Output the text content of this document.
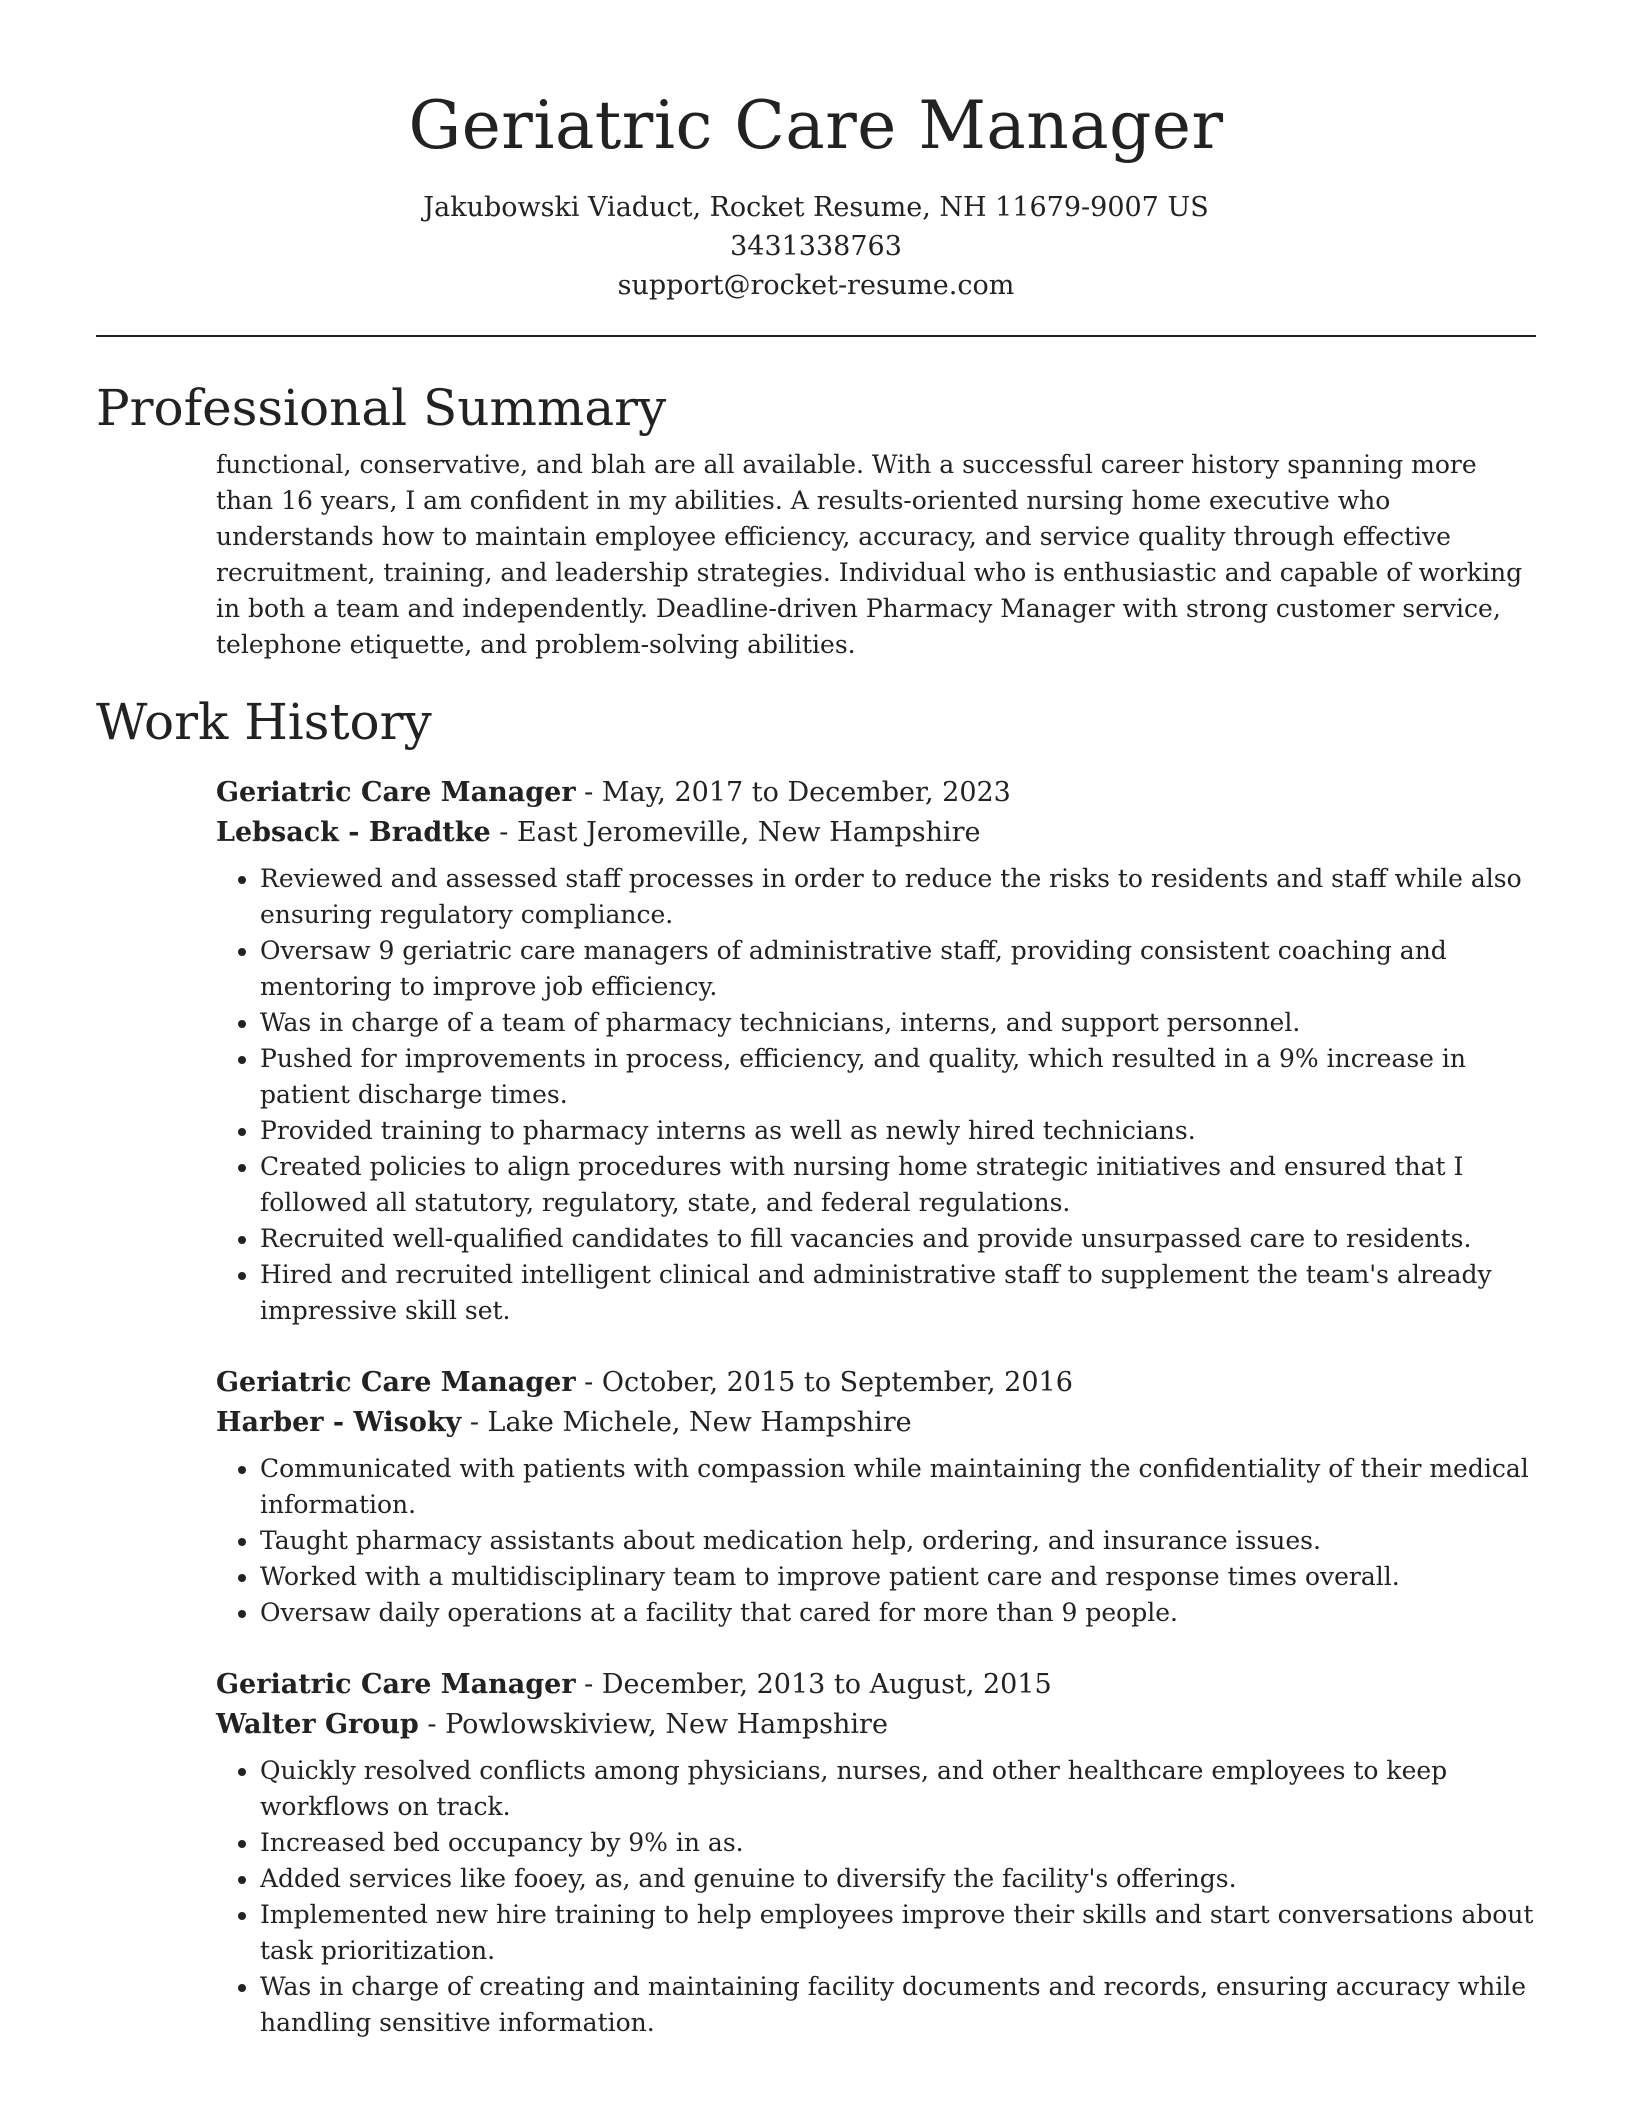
Geriatric Care Manager
Jakubowski Viaduct, Rocket Resume, NH 11679-9007 US
3431338763
support@rocket-resume.com
Professional Summary
functional, conservative, and blah are all available. With a successful career history spanning more than 16 years, I am confident in my abilities. A results-oriented nursing home executive who understands how to maintain employee efficiency, accuracy, and service quality through effective recruitment, training, and leadership strategies. Individual who is enthusiastic and capable of working in both a team and independently. Deadline-driven Pharmacy Manager with strong customer service, telephone etiquette, and problem-solving abilities.
Work History
Geriatric Care Manager - May, 2017 to December, 2023
Lebsack - Bradtke - East Jeromeville, New Hampshire
• Reviewed and assessed staff processes in order to reduce the risks to residents and staff while also ensuring regulatory compliance.
• Oversaw 9 geriatric care managers of administrative staff, providing consistent coaching and mentoring to improve job efficiency.
• Was in charge of a team of pharmacy technicians, interns, and support personnel.
• Pushed for improvements in process, efficiency, and quality, which resulted in a 9% increase in patient discharge times.
• Provided training to pharmacy interns as well as newly hired technicians.
• Created policies to align procedures with nursing home strategic initiatives and ensured that I followed all statutory, regulatory, state, and federal regulations.
• Recruited well-qualified candidates to fill vacancies and provide unsurpassed care to residents.
• Hired and recruited intelligent clinical and administrative staff to supplement the team's already impressive skill set.
Geriatric Care Manager - October, 2015 to September, 2016
Harber - Wisoky - Lake Michele, New Hampshire
• Communicated with patients with compassion while maintaining the confidentiality of their medical information.
• Taught pharmacy assistants about medication help, ordering, and insurance issues.
• Worked with a multidisciplinary team to improve patient care and response times overall.
• Oversaw daily operations at a facility that cared for more than 9 people.
Geriatric Care Manager - December, 2013 to August, 2015
Walter Group - Powlowskiview, New Hampshire
• Quickly resolved conflicts among physicians, nurses, and other healthcare employees to keep workflows on track.
• Increased bed occupancy by 9% in as.
• Added services like fooey, as, and genuine to diversify the facility's offerings.
• Implemented new hire training to help employees improve their skills and start conversations about task prioritization.
• Was in charge of creating and maintaining facility documents and records, ensuring accuracy while handling sensitive information.
